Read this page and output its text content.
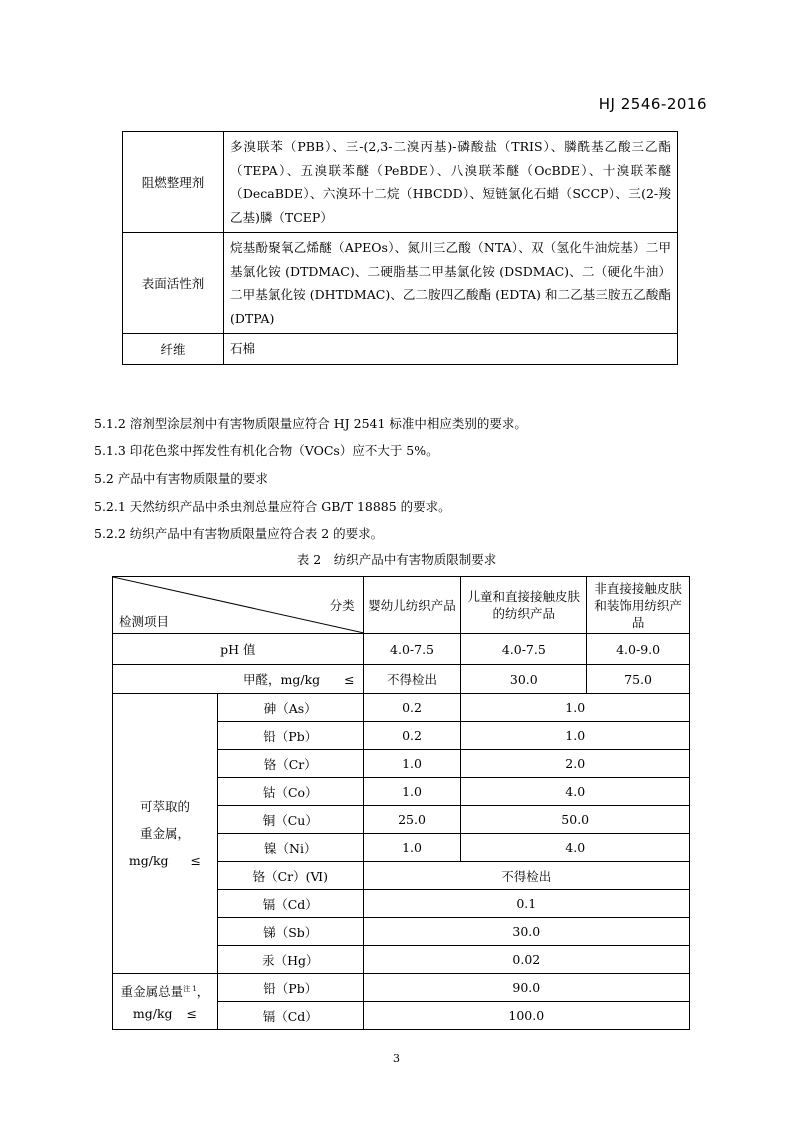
HJ 2546-2016
阻燃整理剂	多溴联苯（PBB）、三-(2,3-二溴丙基)-磷酸盐（TRIS）、膦酰基乙酸三乙酯（TEPA）、五溴联苯醚（PeBDE）、八溴联苯醚（OcBDE）、十溴联苯醚（DecaBDE）、六溴环十二烷（HBCDD）、短链氯化石蜡（SCCP）、三(2-羧乙基)膦（TCEP）
表面活性剂	烷基酚聚氧乙烯醚（APEOs）、氮川三乙酸（NTA）、双（氢化牛油烷基）二甲基氯化铵 (DTDMAC)、二硬脂基二甲基氯化铵 (DSDMAC)、二（硬化牛油）二甲基氯化铵 (DHTDMAC)、乙二胺四乙酸酯 (EDTA) 和二乙基三胺五乙酸酯 (DTPA)
纤维	石棉
5.1.2 溶剂型涂层剂中有害物质限量应符合 HJ 2541 标准中相应类别的要求。
5.1.3 印花色浆中挥发性有机化合物（VOCs）应不大于 5%。
5.2 产品中有害物质限量的要求
5.2.1 天然纺织产品中杀虫剂总量应符合 GB/T 18885 的要求。
5.2.2 纺织产品中有害物质限量应符合表 2 的要求。
表 2　纺织产品中有害物质限制要求
分类
检测项目		婴幼儿纺织产品	儿童和直接接触皮肤的纺织产品	非直接接触皮肤和装饰用纺织产品
pH 值		4.0-7.5	4.0-7.5	4.0-9.0
甲醛，mg/kg ≤		不得检出	30.0	75.0

可萃取的
重金属，
mg/kg ≤	砷（As）	0.2	1.0	
	铅（Pb）	0.2	1.0	
	铬（Cr）	1.0	2.0	
	钴（Co）	1.0	4.0	
	铜（Cu）	25.0	50.0	
	镍（Ni）	1.0	4.0	
	铬（Cr）(Ⅵ)	不得检出		
	镉（Cd）	0.1		
	锑（Sb）	30.0		
	汞（Hg）	0.02		

重金属总量$^{注 1}$，
mg/kg ≤	铅（Pb）	90.0		
	镉（Cd）	100.0		
3
